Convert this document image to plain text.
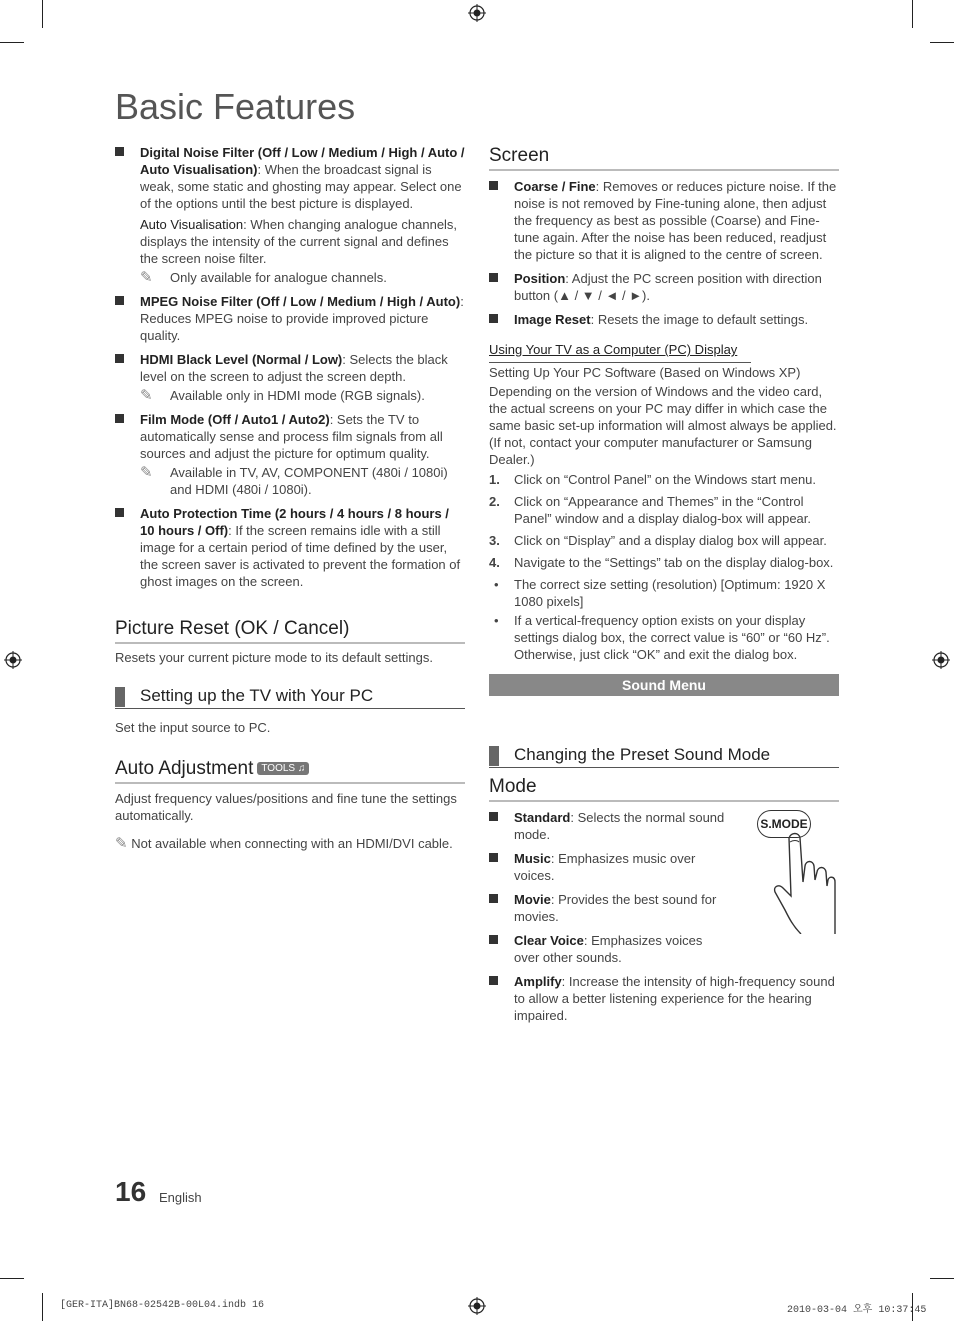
Basic Features
Digital Noise Filter (Off / Low / Medium / High / Auto / Auto Visualisation): When the broadcast signal is weak, some static and ghosting may appear. Select one of the options until the best picture is displayed.
Auto Visualisation: When changing analogue channels, displays the intensity of the current signal and defines the screen noise filter.
✎ Only available for analogue channels.
MPEG Noise Filter (Off / Low / Medium / High / Auto): Reduces MPEG noise to provide improved picture quality.
HDMI Black Level (Normal / Low): Selects the black level on the screen to adjust the screen depth.
✎ Available only in HDMI mode (RGB signals).
Film Mode (Off / Auto1 / Auto2): Sets the TV to automatically sense and process film signals from all sources and adjust the picture for optimum quality.
✎ Available in TV, AV, COMPONENT (480i / 1080i) and HDMI (480i / 1080i).
Auto Protection Time (2 hours / 4 hours / 8 hours / 10 hours / Off): If the screen remains idle with a still image for a certain period of time defined by the user, the screen saver is activated to prevent the formation of ghost images on the screen.
Picture Reset (OK / Cancel)
Resets your current picture mode to its default settings.
Setting up the TV with Your PC
Set the input source to PC.
Auto Adjustment TOOLS ♫
Adjust frequency values/positions and fine tune the settings automatically.
✎ Not available when connecting with an HDMI/DVI cable.
Screen
Coarse / Fine: Removes or reduces picture noise. If the noise is not removed by Fine-tuning alone, then adjust the frequency as best as possible (Coarse) and Fine-tune again. After the noise has been reduced, readjust the picture so that it is aligned to the centre of screen.
Position: Adjust the PC screen position with direction button (▲ / ▼ / ◄ / ►).
Image Reset: Resets the image to default settings.
Using Your TV as a Computer (PC) Display
Setting Up Your PC Software (Based on Windows XP)
Depending on the version of Windows and the video card, the actual screens on your PC may differ in which case the same basic set-up information will almost always be applied. (If not, contact your computer manufacturer or Samsung Dealer.)
1. Click on “Control Panel” on the Windows start menu.
2. Click on “Appearance and Themes” in the “Control Panel” window and a display dialog-box will appear.
3. Click on “Display” and a display dialog box will appear.
4. Navigate to the “Settings” tab on the display dialog-box.
• The correct size setting (resolution) [Optimum: 1920 X 1080 pixels]
• If a vertical-frequency option exists on your display settings dialog box, the correct value is “60” or “60 Hz”. Otherwise, just click “OK” and exit the dialog box.
Sound Menu
Changing the Preset Sound Mode
Mode
Standard: Selects the normal sound mode.
Music: Emphasizes music over voices.
Movie: Provides the best sound for movies.
Clear Voice: Emphasizes voices over other sounds.
Amplify: Increase the intensity of high-frequency sound to allow a better listening experience for the hearing impaired.
S.MODE
16 English
[GER-ITA]BN68-02542B-00L04.indb 16	2010-03-04 오후 10:37:45
